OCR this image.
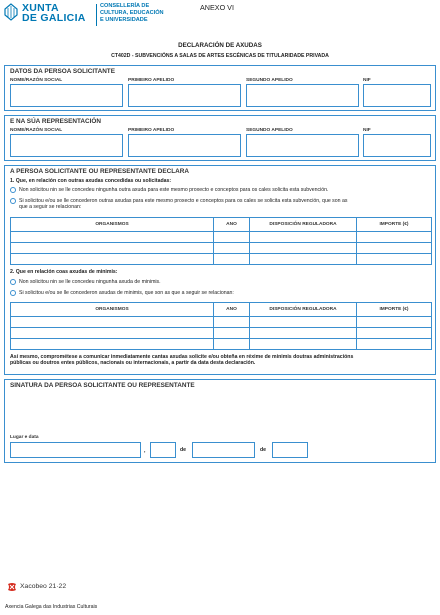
XUNTA
DE GALICIA
CONSELLERÍA DE
CULTURA, EDUCACIÓN
E UNIVERSIDADE
ANEXO VI
DECLARACIÓN DE AXUDAS
CT402D - SUBVENCIÓNS A SALAS DE ARTES ESCÉNICAS DE TITULARIDADE PRIVADA
DATOS DA PERSOA SOLICITANTE
NOME/RAZÓN SOCIAL	PRIMEIRO APELIDO	SEGUNDO APELIDO	NIF
E NA SÚA REPRESENTACIÓN
NOME/RAZÓN SOCIAL	PRIMEIRO APELIDO	SEGUNDO APELIDO	NIF
A PERSOA SOLICITANTE OU REPRESENTANTE DECLARA
1. Que, en relación con outras axudas concedidas ou solicitadas:
Non solicitou nin se lle concedeu ningunha outra axuda para este mesmo proxecto e conceptos para os cales solicita esta subvención.
Si solicitou e/ou se lle concederon outras axudas para este mesmo proxecto e conceptos para os cales se solicita esta subvención, que son as
que a seguir se relacionan:
ORGANISMOS	ANO	DISPOSICIÓN REGULADORA	IMPORTE (€)

2. Que en relación coas axudas de minimis:
Non solicitou nin se lle concedeu ningunha axuda de minimis.
Si solicitou e/ou se lle concederon axudas de minimis, que son as que a seguir se relacionan:
ORGANISMOS	ANO	DISPOSICIÓN REGULADORA	IMPORTE (€)

Así mesmo, comprométese a comunicar inmediatamente cantas axudas solicite e/ou obteña en réxime de minimis doutras administracións
públicas ou doutros entes públicos, nacionais ou internacionais, a partir da data desta declaración.
SINATURA DA PERSOA SOLICITANTE OU REPRESENTANTE
Lugar e data
,	de	de
Xacobeo 21·22
Axencia Galega das Industrias Culturais
